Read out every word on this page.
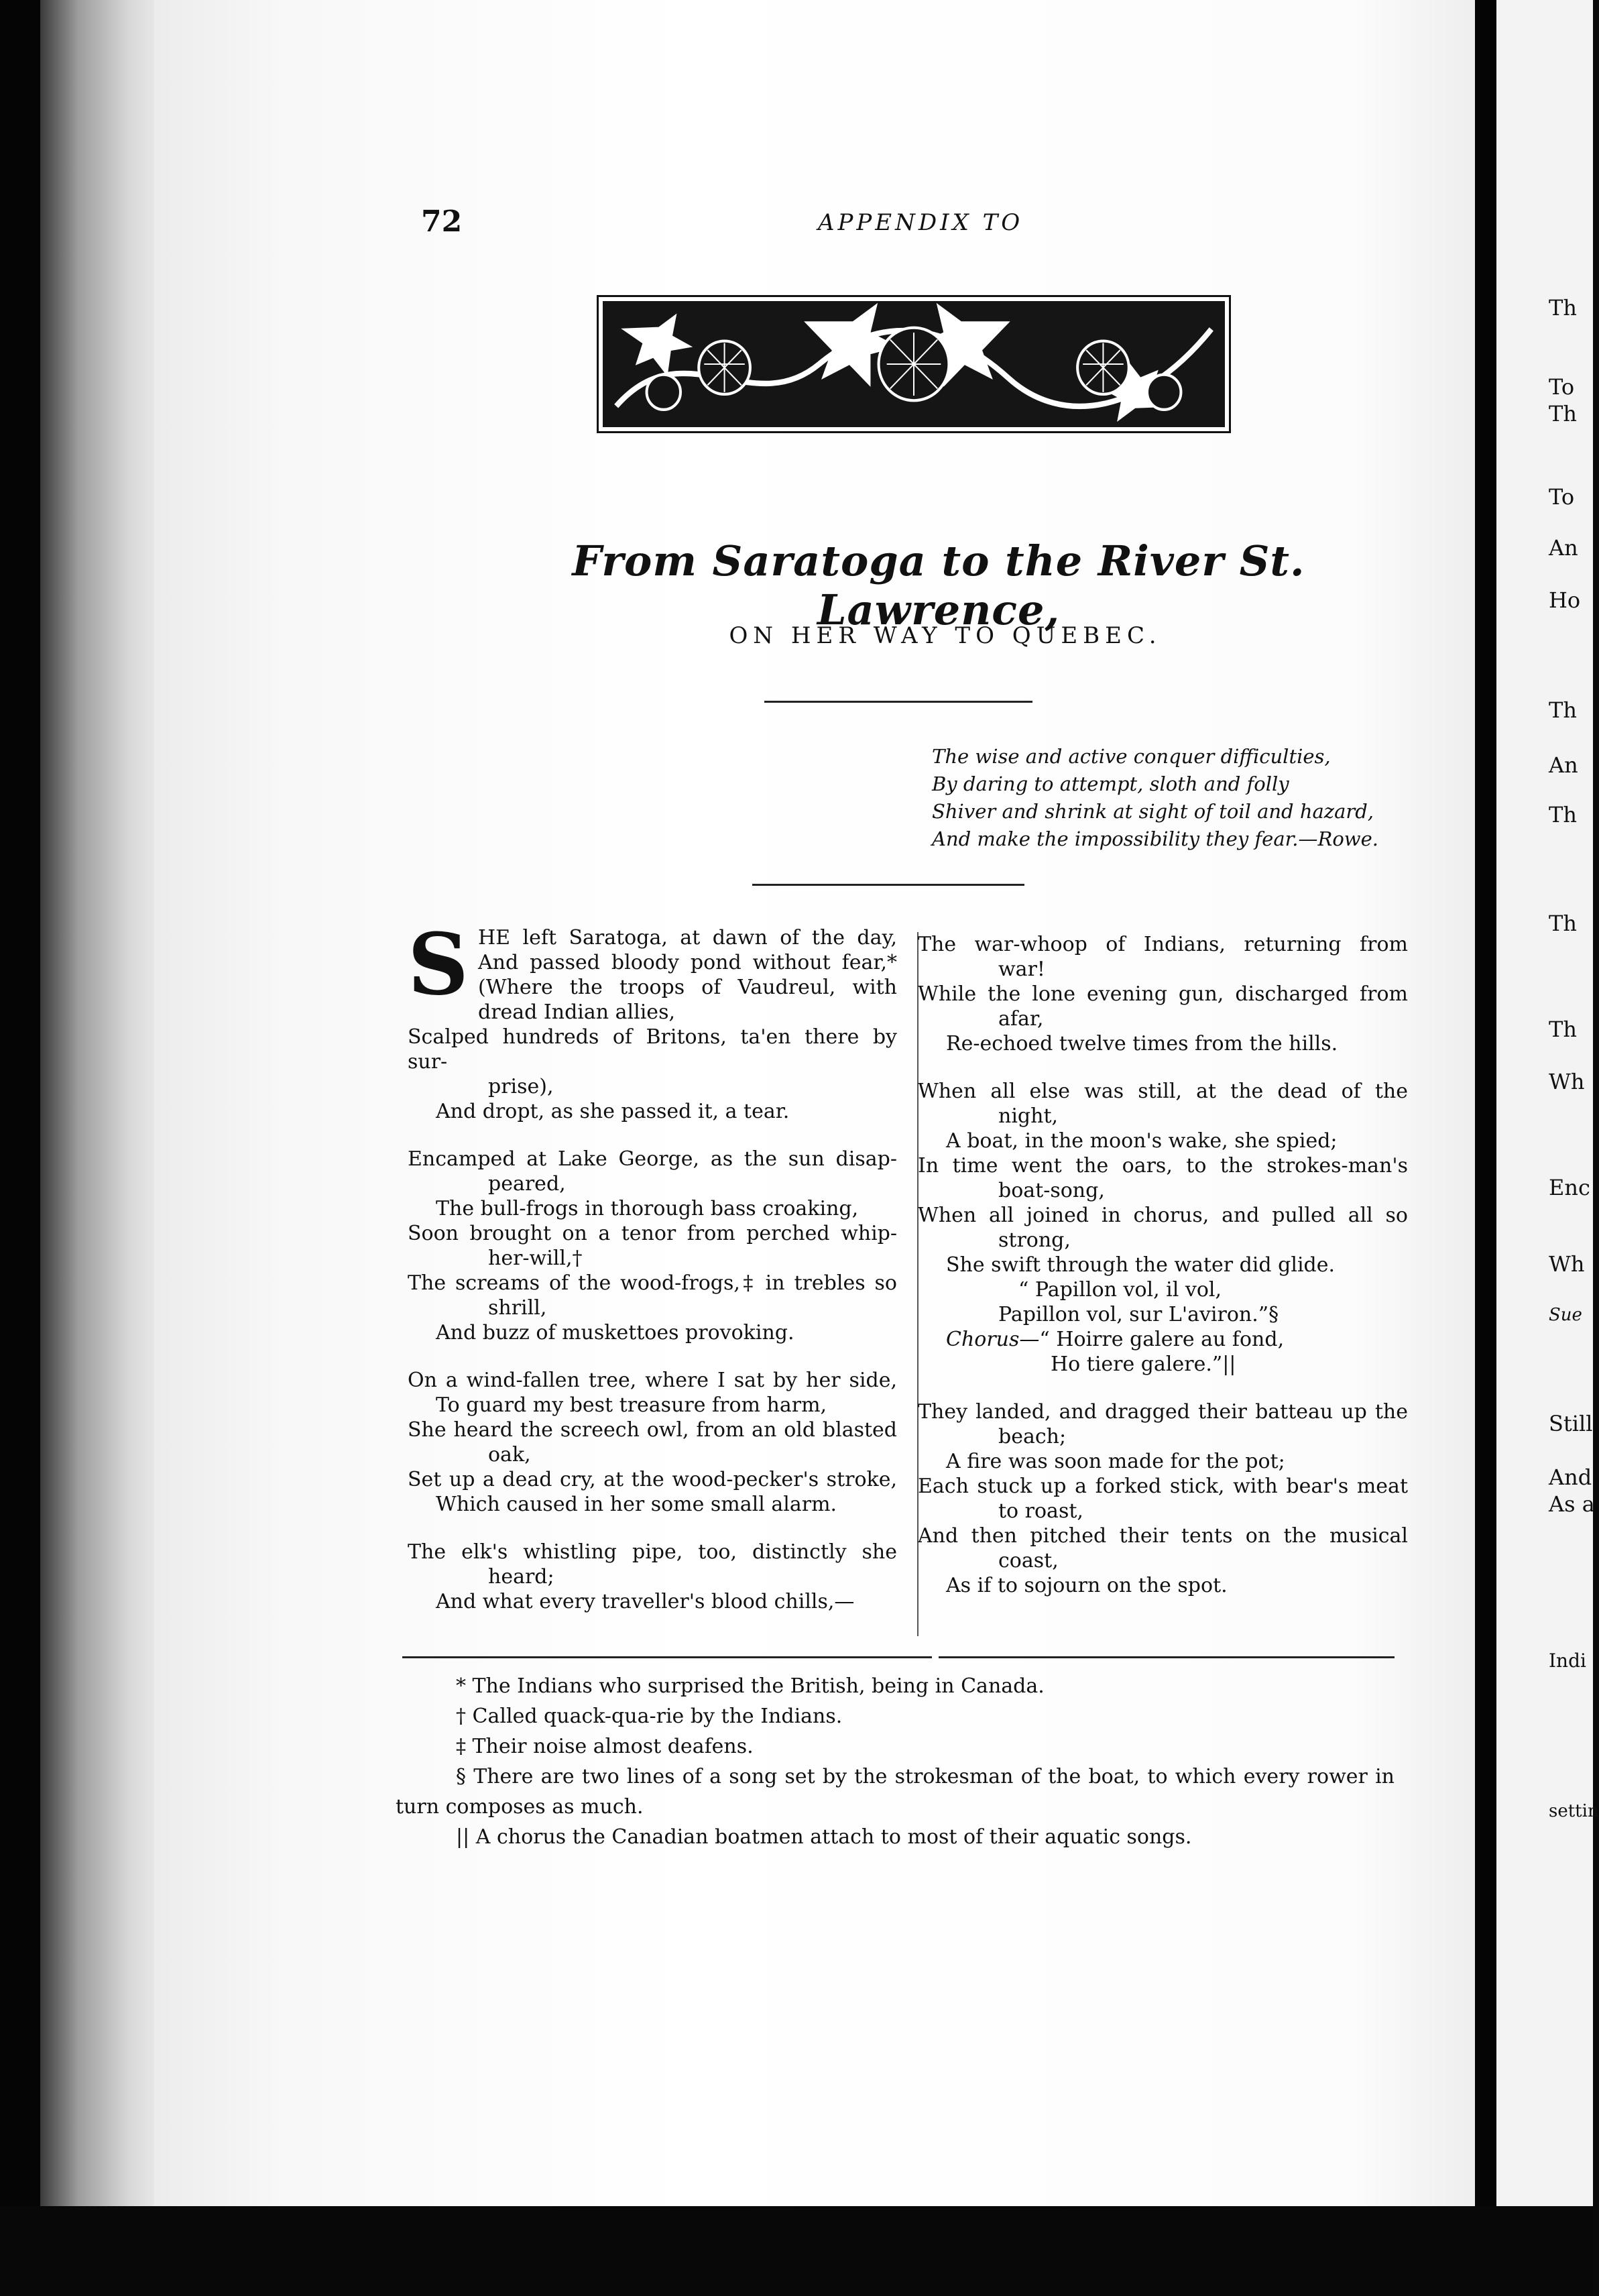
72	APPENDIX TO
From Saratoga to the River St. Lawrence,
ON HER WAY TO QUEBEC.
The wise and active conquer difficulties,
By daring to attempt, sloth and folly
Shiver and shrink at sight of toil and hazard,
And make the impossibility they fear.—Rowe.
S HE left Saratoga, at dawn of the day,
And passed bloody pond without fear,*
(Where the troops of Vaudreul, with
dread Indian allies,
Scalped hundreds of Britons, ta'en there by sur-
prise),
And dropt, as she passed it, a tear.
Encamped at Lake George, as the sun disap-
peared,
The bull-frogs in thorough bass croaking,
Soon brought on a tenor from perched whip-
her-will,†
The screams of the wood-frogs,‡ in trebles so
shrill,
And buzz of muskettoes provoking.
On a wind-fallen tree, where I sat by her side,
To guard my best treasure from harm,
She heard the screech owl, from an old blasted
oak,
Set up a dead cry, at the wood-pecker's stroke,
Which caused in her some small alarm.
The elk's whistling pipe, too, distinctly she
heard;
And what every traveller's blood chills,—
The war-whoop of Indians, returning from
war!
While the lone evening gun, discharged from
afar,
Re-echoed twelve times from the hills.
When all else was still, at the dead of the
night,
A boat, in the moon's wake, she spied;
In time went the oars, to the strokes-man's
boat-song,
When all joined in chorus, and pulled all so
strong,
She swift through the water did glide.
“ Papillon vol, il vol,
Papillon vol, sur L'aviron.”§
Chorus—“ Hoirre galere au fond,
Ho tiere galere.”||
They landed, and dragged their batteau up the
beach;
A fire was soon made for the pot;
Each stuck up a forked stick, with bear's meat
to roast,
And then pitched their tents on the musical
coast,
As if to sojourn on the spot.
* The Indians who surprised the British, being in Canada.
† Called quack-qua-rie by the Indians.
‡ Their noise almost deafens.
§ There are two lines of a song set by the strokesman of the boat, to which every rower in turn composes as much.
|| A chorus the Canadian boatmen attach to most of their aquatic songs.
Th
To
Th
To
An
Ho
Th
An
Th
Th
Th
Wh
Enc
Wh
Sue
Still
And
As a
Indi
settin
